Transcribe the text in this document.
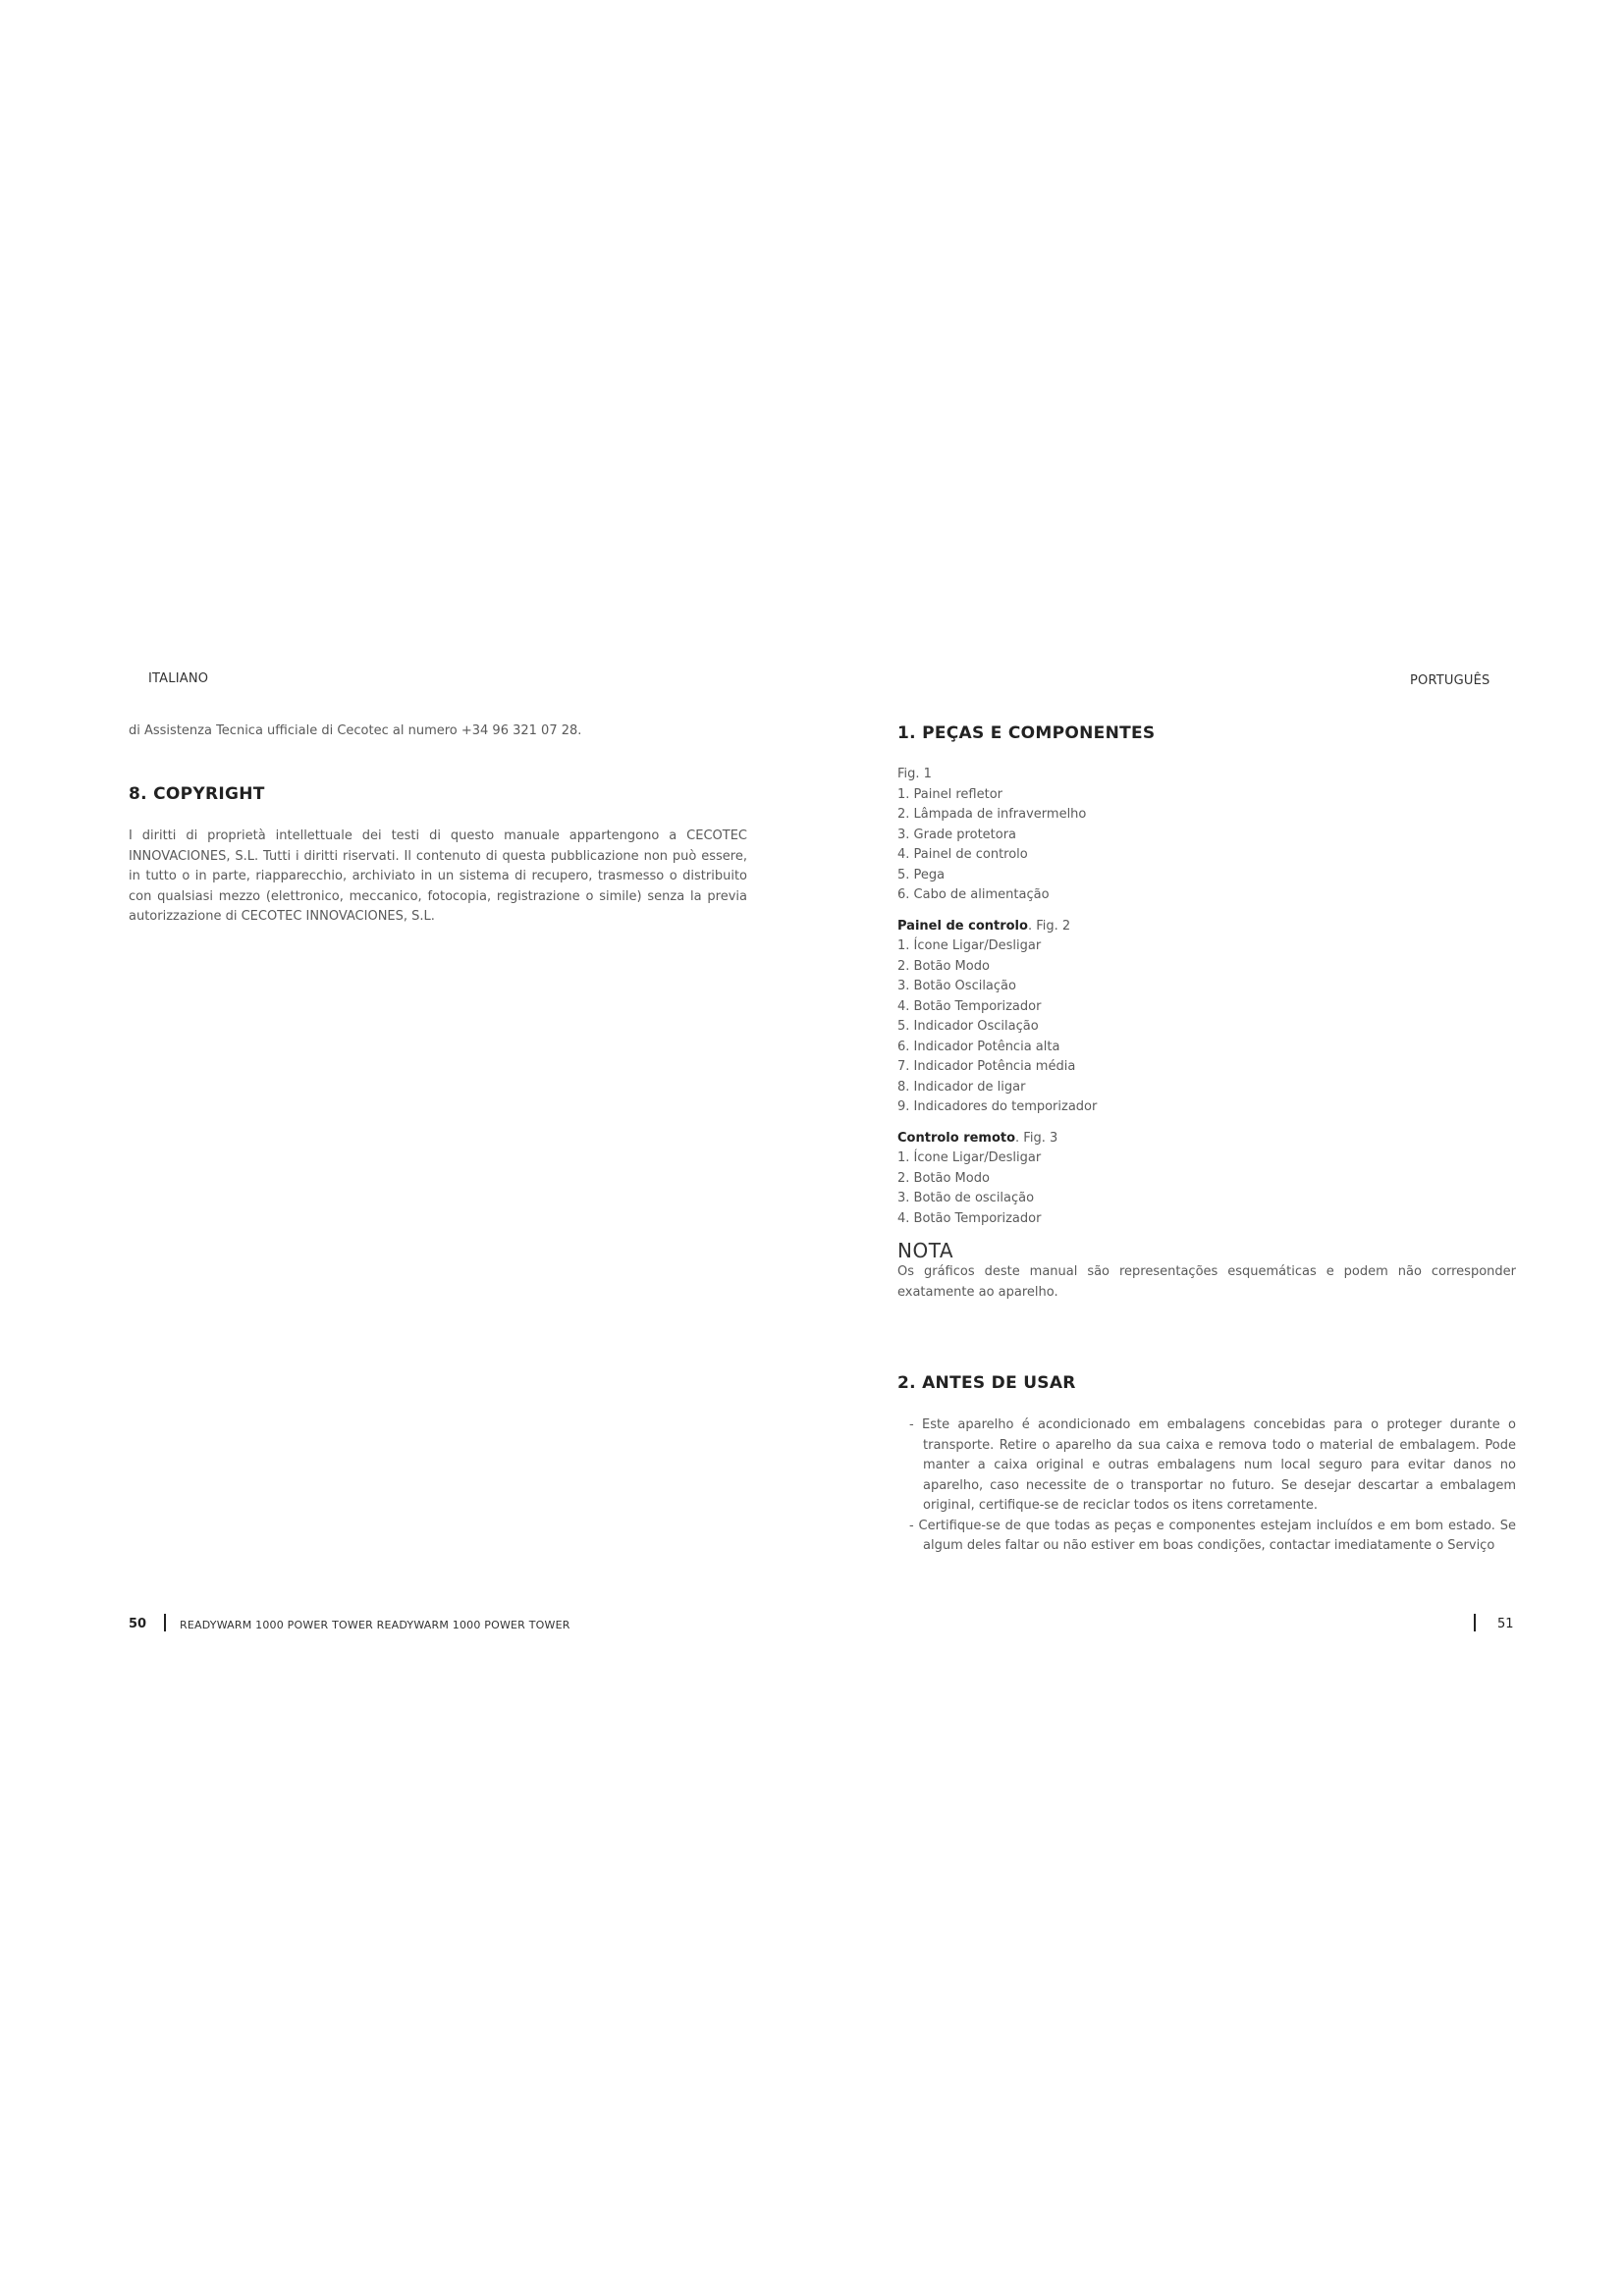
ITALIANO
di Assistenza Tecnica ufficiale di Cecotec al numero +34 96 321 07 28.
8. COPYRIGHT
I diritti di proprietà intellettuale dei testi di questo manuale appartengono a CECOTEC INNOVACIONES, S.L. Tutti i diritti riservati. Il contenuto di questa pubblicazione non può essere, in tutto o in parte, riapparecchio, archiviato in un sistema di recupero, trasmesso o distribuito con qualsiasi mezzo (elettronico, meccanico, fotocopia, registrazione o simile) senza la previa autorizzazione di CECOTEC INNOVACIONES, S.L.
50	READYWARM 1000 POWER TOWER READYWARM 1000 POWER TOWER
PORTUGUÊS
1. PEÇAS E COMPONENTES
Fig. 1
1. Painel refletor
2. Lâmpada de infravermelho
3. Grade protetora
4. Painel de controlo
5. Pega
6. Cabo de alimentação
Painel de controlo. Fig. 2
1. Ícone Ligar/Desligar
2. Botão Modo
3. Botão Oscilação
4. Botão Temporizador
5. Indicador Oscilação
6. Indicador Potência alta
7. Indicador Potência média
8. Indicador de ligar
9. Indicadores do temporizador
Controlo remoto. Fig. 3
1. Ícone Ligar/Desligar
2. Botão Modo
3. Botão de oscilação
4. Botão Temporizador
NOTA
Os gráficos deste manual são representações esquemáticas e podem não corresponder exatamente ao aparelho.
2. ANTES DE USAR
- Este aparelho é acondicionado em embalagens concebidas para o proteger durante o transporte. Retire o aparelho da sua caixa e remova todo o material de embalagem. Pode manter a caixa original e outras embalagens num local seguro para evitar danos no aparelho, caso necessite de o transportar no futuro. Se desejar descartar a embalagem original, certifique-se de reciclar todos os itens corretamente.
- Certifique-se de que todas as peças e componentes estejam incluídos e em bom estado. Se algum deles faltar ou não estiver em boas condições, contactar imediatamente o Serviço
51
